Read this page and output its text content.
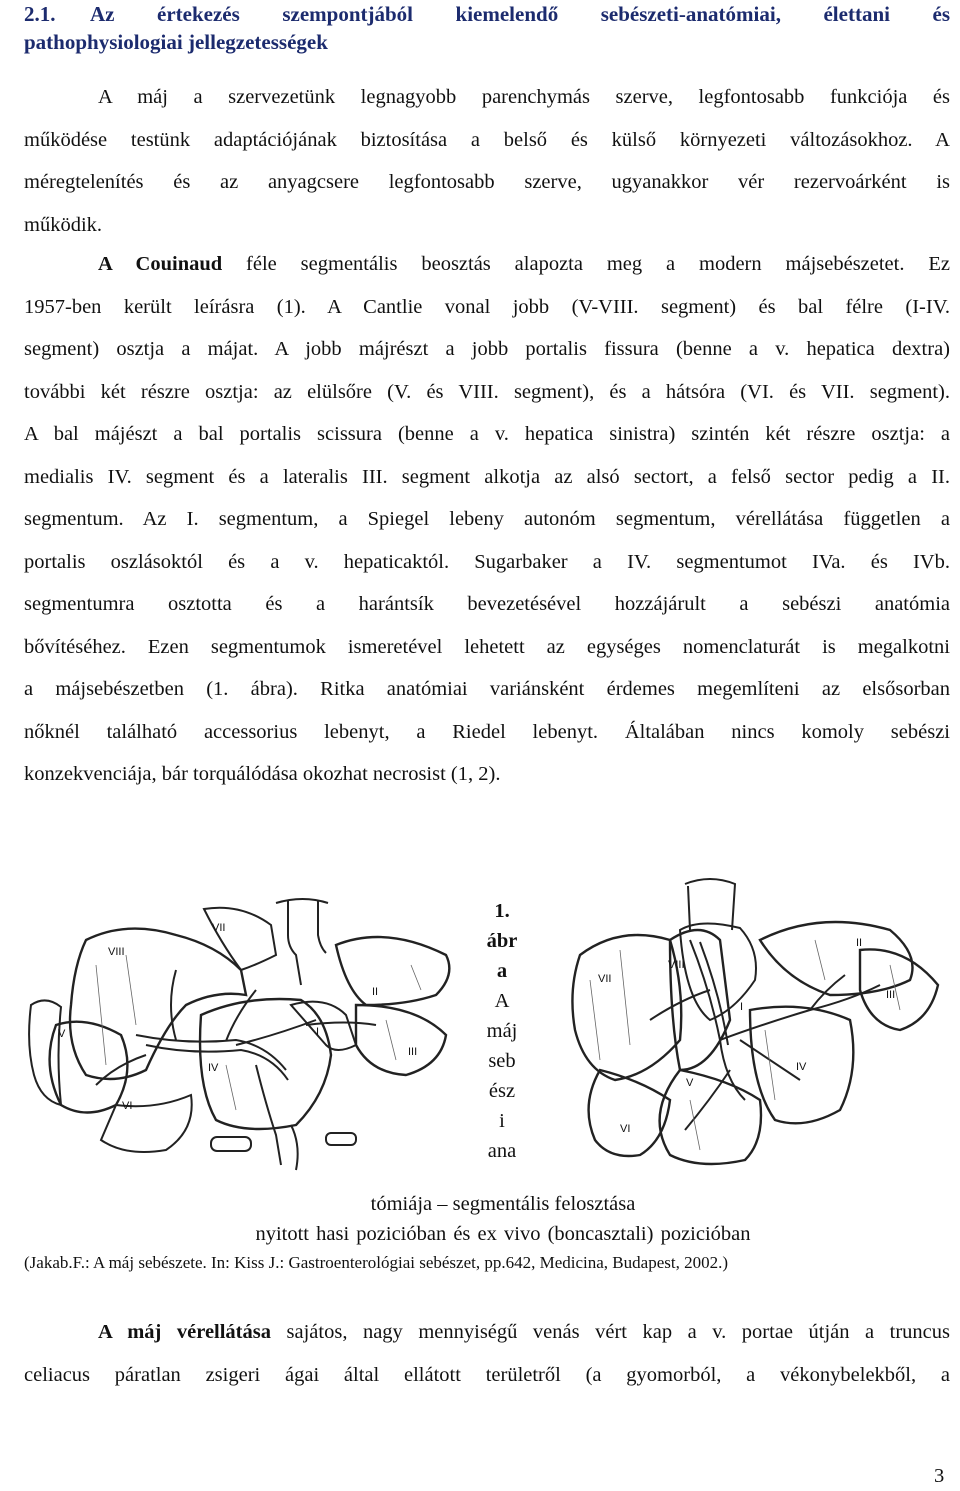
2.1.	Az értekezés szempontjából kiemelendő sebészeti-anatómiai, élettani és
pathophysiologiai jellegzetességek
A máj a szervezetünk legnagyobb parenchymás szerve, legfontosabb funkciója és
működése testünk adaptációjának biztosítása a belső és külső környezeti változásokhoz. A
méregtelenítés és az anyagcsere legfontosabb szerve, ugyanakkor vér rezervoárként is
működik.
A Couinaud féle segmentális beosztás alapozta meg a modern májsebészetet. Ez
1957-ben került leírásra (1). A Cantlie vonal jobb (V-VIII. segment) és bal félre (I-IV.
segment) osztja a májat. A jobb májrészt a jobb portalis fissura (benne a v. hepatica dextra)
további két részre osztja: az elülsőre (V. és VIII. segment), és a hátsóra (VI. és VII. segment).
A bal májészt a bal portalis scissura (benne a v. hepatica sinistra) szintén két részre osztja: a
medialis IV. segment és a lateralis III. segment alkotja az alsó sectort, a felső sector pedig a II.
segmentum. Az I. segmentum, a Spiegel lebeny autonóm segmentum, vérellátása független a
portalis oszlásoktól és a v. hepaticaktól. Sugarbaker a IV. segmentumot IVa. és IVb.
segmentumra osztotta és a harántsík bevezetésével hozzájárult a sebészi anatómia
bővítéséhez. Ezen segmentumok ismeretével lehetett az egységes nomenclaturát is megalkotni
a májsebészetben (1. ábra). Ritka anatómiai variánsként érdemes megemlíteni az elsősorban
nőknél található accessorius lebenyt, a Riedel lebenyt. Általában nincs komoly sebészi
konzekvenciája, bár torquálódása okozhat necrosist (1, 2).
VIII
VII
II
I
III
IV
V
VI
1.
ábr
a
A
máj
seb
ész
i
ana
VII
VIII
II
III
I
IV
V
VI
tómiája – segmentális felosztása
nyitott hasi pozicióban és ex vivo (boncasztali) pozicióban
(Jakab.F.: A máj sebészete. In: Kiss J.: Gastroenterológiai sebészet, pp.642, Medicina, Budapest, 2002.)
A máj vérellátása sajátos, nagy mennyiségű venás vért kap a v. portae útján a truncus
celiacus páratlan zsigeri ágai által ellátott területről (a gyomorból, a vékonybelekből, a
3
